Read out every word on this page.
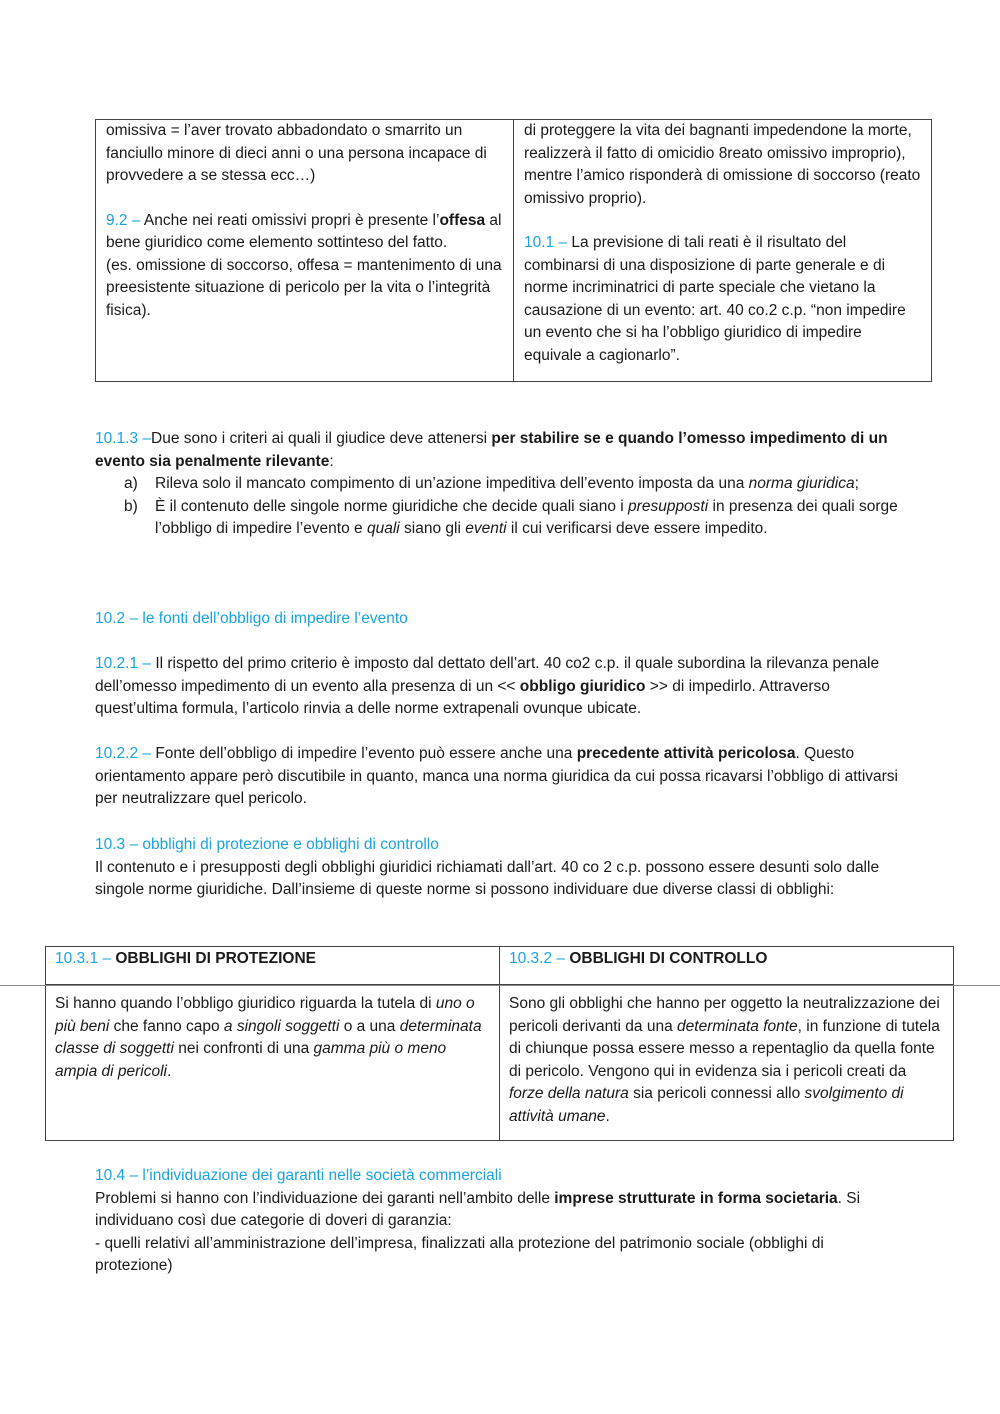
omissiva = l’aver trovato abbadondato o smarrito un fanciullo minore di dieci anni o una persona incapace di provvedere a se stessa ecc…)

9.2 – Anche nei reati omissivi propri è presente l’offesa al bene giuridico come elemento sottinteso del fatto.

(es. omissione di soccorso, offesa = mantenimento di una preesistente situazione di pericolo per la vita o l’integrità fisica).

di proteggere la vita dei bagnanti impedendone la morte, realizzerà il fatto di omicidio 8reato omissivo improprio), mentre l’amico risponderà di omissione di soccorso (reato omissivo proprio).

10.1 – La previsione di tali reati è il risultato del combinarsi di una disposizione di parte generale e di norme incriminatrici di parte speciale che vietano la causazione di un evento: art. 40 co.2 c.p. “non impedire un evento che si ha l’obbligo giuridico di impedire equivale a cagionarlo”.

10.1.3 –Due sono i criteri ai quali il giudice deve attenersi per stabilire se e quando l’omesso impedimento di un evento sia penalmente rilevante:

a) Rileva solo il mancato compimento di un’azione impeditiva dell’evento imposta da una norma giuridica;
b) È il contenuto delle singole norme giuridiche che decide quali siano i presupposti in presenza dei quali sorge l’obbligo di impedire l’evento e quali siano gli eventi il cui verificarsi deve essere impedito.

10.2 – le fonti dell’obbligo di impedire l’evento

10.2.1 – Il rispetto del primo criterio è imposto dal dettato dell’art. 40 co2 c.p. il quale subordina la rilevanza penale dell’omesso impedimento di un evento alla presenza di un << obbligo giuridico >> di impedirlo. Attraverso quest’ultima formula, l’articolo rinvia a delle norme extrapenali ovunque ubicate.

10.2.2 – Fonte dell’obbligo di impedire l’evento può essere anche una precedente attività pericolosa. Questo orientamento appare però discutibile in quanto, manca una norma giuridica da cui possa ricavarsi l’obbligo di attivarsi per neutralizzare quel pericolo.

10.3 – obblighi di protezione e obblighi di controllo

Il contenuto e i presupposti degli obblighi giuridici richiamati dall’art. 40 co 2 c.p. possono essere desunti solo dalle singole norme giuridiche. Dall’insieme di queste norme si possono individuare due diverse classi di obblighi:

10.3.1 – OBBLIGHI DI PROTEZIONE	10.3.2 – OBBLIGHI DI CONTROLLO
Si hanno quando l’obbligo giuridico riguarda la tutela di uno o più beni che fanno capo a singoli soggetti o a una determinata classe di soggetti nei confronti di una gamma più o meno ampia di pericoli.
Sono gli obblighi che hanno per oggetto la neutralizzazione dei pericoli derivanti da una determinata fonte, in funzione di tutela di chiunque possa essere messo a repentaglio da quella fonte di pericolo. Vengono qui in evidenza sia i pericoli creati da forze della natura sia pericoli connessi allo svolgimento di attività umane.

10.4 – l’individuazione dei garanti nelle società commerciali

Problemi si hanno con l’individuazione dei garanti nell’ambito delle imprese strutturate in forma societaria. Si individuano così due categorie di doveri di garanzia:

- quelli relativi all’amministrazione dell’impresa, finalizzati alla protezione del patrimonio sociale (obblighi di protezione)
